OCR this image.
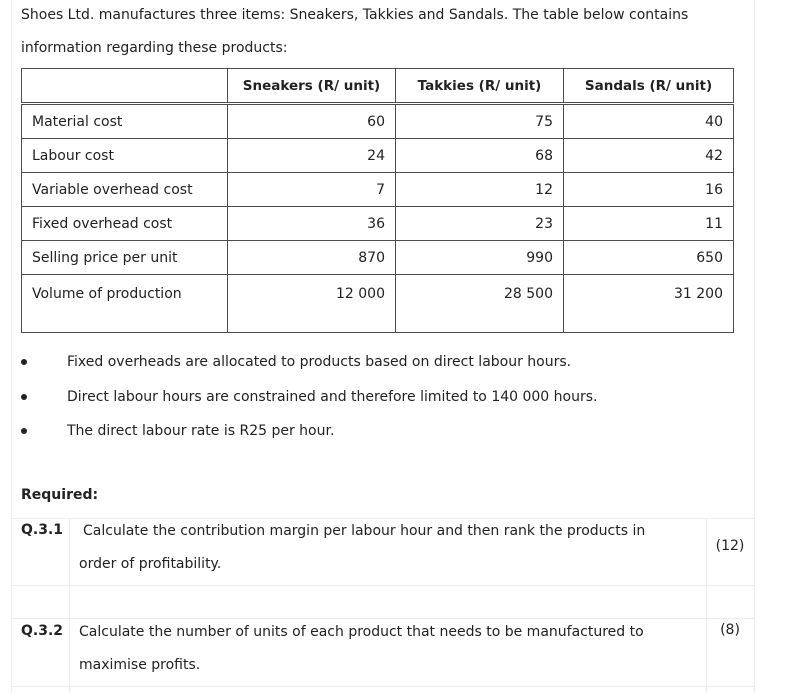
Shoes Ltd. manufactures three items: Sneakers, Takkies and Sandals. The table below contains
information regarding these products:
	Sneakers (R/ unit)	Takkies (R/ unit)	Sandals (R/ unit)
Material cost	60	75	40
Labour cost	24	68	42
Variable overhead cost	7	12	16
Fixed overhead cost	36	23	11
Selling price per unit	870	990	650
Volume of production	12 000	28 500	31 200
Fixed overheads are allocated to products based on direct labour hours.
Direct labour hours are constrained and therefore limited to 140 000 hours.
The direct labour rate is R25 per hour.
Required:
Q.3.1 Calculate the contribution margin per labour hour and then rank the products in
order of profitability.
(12)
Q.3.2 Calculate the number of units of each product that needs to be manufactured to
maximise profits.
(8)
